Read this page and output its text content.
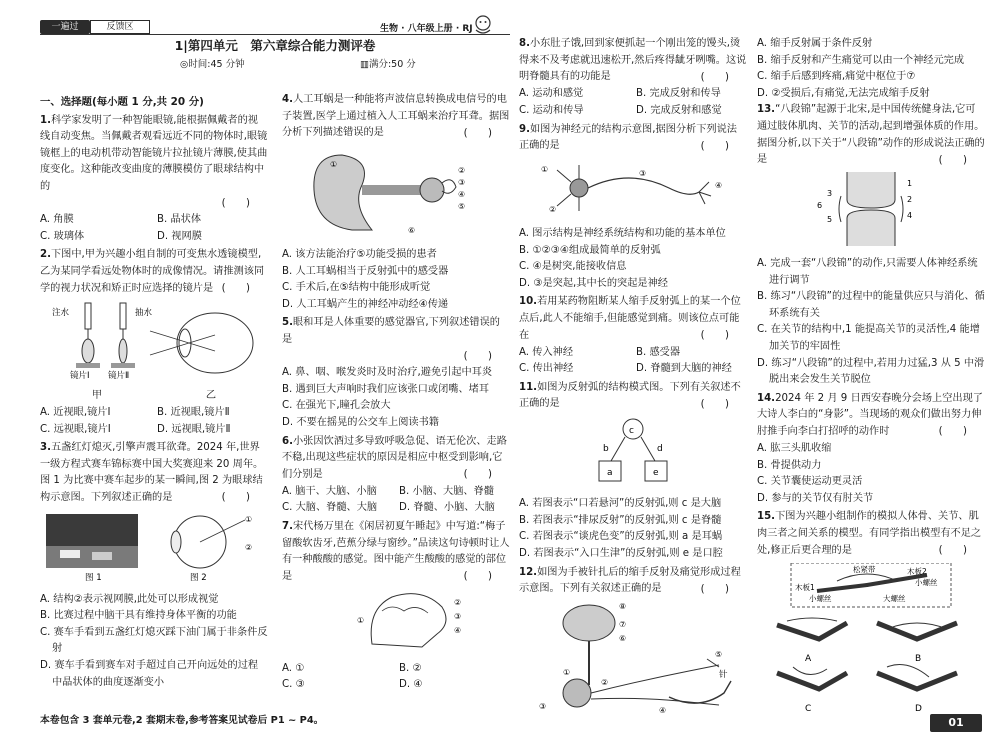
一遍过	反馈区	生物 · 八年级上册 · RJ
1|第四单元　第六章综合能力测评卷
◎时间:45 分钟	▥满分:50 分
一、选择题(每小题 1 分,共 20 分)
1.科学家发明了一种智能眼镜,能根据佩戴者的视线自动变焦。当佩戴者观看远近不同的物体时,眼镜镜框上的电动机带动智能镜片拉扯镜片薄膜,使其曲度变化。这种能改变曲度的薄膜模仿了眼球结构中的
(　　)
A. 角膜	B. 晶状体
C. 玻璃体	D. 视网膜
2.下图中,甲为兴趣小组自制的可变焦水透镜模型,乙为某同学看远处物体时的成像情况。请推测该同学的视力状况和矫正时应选择的镜片是 (　　)
注水	抽水
镜片Ⅰ 镜片Ⅱ
甲	乙
A. 近视眼,镜片Ⅰ	B. 近视眼,镜片Ⅱ
C. 远视眼,镜片Ⅰ	D. 远视眼,镜片Ⅱ
3.五盏红灯熄灭,引擎声震耳欲聋。2024 年,世界一级方程式赛车锦标赛中国大奖赛迎来 20 周年。图 1 为比赛中赛车起步的某一瞬间,图 2 为眼球结构示意图。下列叙述正确的是	(　　)
图 1
①
②
图 2
A. 结构②表示视网膜,此处可以形成视觉
B. 比赛过程中脑干具有维持身体平衡的功能
C. 赛车手看到五盏红灯熄灭踩下油门属于非条件反射
D. 赛车手看到赛车对手超过自己开向远处的过程中晶状体的曲度逐渐变小
4.人工耳蜗是一种能将声波信息转换成电信号的电子装置,医学上通过植入人工耳蜗来治疗耳聋。据图分析下列描述错误的是	(　　)
①
②
③
④
⑤
⑥
A. 该方法能治疗⑤功能受损的患者
B. 人工耳蜗相当于反射弧中的感受器
C. 手术后,在⑤结构中能形成听觉
D. 人工耳蜗产生的神经冲动经④传递
5.眼和耳是人体重要的感觉器官,下列叙述错误的是
(　　)
A. 鼻、咽、喉发炎时及时治疗,避免引起中耳炎
B. 遇到巨大声响时我们应该张口或闭嘴、堵耳
C. 在强光下,瞳孔会放大
D. 不要在摇晃的公交车上阅读书籍
6.小张因饮酒过多导致呼吸急促、语无伦次、走路不稳,出现这些症状的原因是相应中枢受到影响,它们分别是	(　　)
A. 脑干、大脑、小脑	B. 小脑、大脑、脊髓
C. 大脑、脊髓、大脑	D. 脊髓、小脑、大脑
7.宋代杨万里在《闲居初夏午睡起》中写道:“梅子留酸软齿牙,芭蕉分绿与窗纱。”品读这句诗顿时让人有一种酸酸的感觉。图中能产生酸酸的感觉的部位是	(　　)
①
②
③
④
A. ①	B. ②
C. ③	D. ④
8.小东肚子饿,回到家便抓起一个刚出笼的馒头,烫得来不及考虑就迅速松开,然后疼得龇牙咧嘴。这说明脊髓具有的功能是	(　　)
A. 运动和感觉	B. 完成反射和传导
C. 运动和传导	D. 完成反射和感觉
9.如图为神经元的结构示意图,据图分析下列说法正确的是	(　　)
①
②
③
④
A. 图示结构是神经系统结构和功能的基本单位
B. ①②③④组成最简单的反射弧
C. ④是树突,能接收信息
D. ③是突起,其中长的突起是神经
10.若用某药物阻断某人缩手反射弧上的某一个位点后,此人不能缩手,但能感觉到痛。则该位点可能在	(　　)
A. 传入神经	B. 感受器
C. 传出神经	D. 脊髓到大脑的神经
11.如图为反射弧的结构模式图。下列有关叙述不正确的是	(　　)
c
b	d
a	e
A. 若图表示“口若悬河”的反射弧,则 c 是大脑
B. 若图表示“排尿反射”的反射弧,则 c 是脊髓
C. 若图表示“谈虎色变”的反射弧,则 a 是耳蜗
D. 若图表示“入口生津”的反射弧,则 e 是口腔
12.如图为手被针扎后的缩手反射及痛觉形成过程示意图。下列有关叙述正确的是	(　　)
⑧
⑦
⑥
③
①
②
④
⑤
针
A. 缩手反射属于条件反射
B. 缩手反射和产生痛觉可以由一个神经元完成
C. 缩手后感到疼痛,痛觉中枢位于⑦
D. ②受损后,有痛觉,无法完成缩手反射
13.“八段锦”起源于北宋,是中国传统健身法,它可通过肢体肌肉、关节的活动,起到增强体质的作用。据图分析,以下关于“八段锦”动作的形成说法正确的是	(　　)
1
2
4
3
6
5
A. 完成一套“八段锦”的动作,只需要人体神经系统进行调节
B. 练习“八段锦”的过程中的能量供应只与消化、循环系统有关
C. 在关节的结构中,1 能提高关节的灵活性,4 能增加关节的牢固性
D. 练习“八段锦”的过程中,若用力过猛,3 从 5 中滑脱出来会发生关节脱位
14.2024 年 2 月 9 日西安春晚分会场上空出现了大诗人李白的“身影”。当现场的观众们做出努力伸肘推手向李白打招呼的动作时	(　　)
A. 肱三头肌收缩
B. 骨提供动力
C. 关节囊使运动更灵活
D. 参与的关节仅有肘关节
15.下图为兴趣小组制作的模拟人体骨、关节、肌肉三者之间关系的模型。有同学指出模型有不足之处,修正后更合理的是	(　　)
松紧带	木板2
小螺丝
木板1
小螺丝	大螺丝
A	B
C	D
本卷包含 3 套单元卷,2 套期末卷,参考答案见试卷后 P1 ~ P4。	01
